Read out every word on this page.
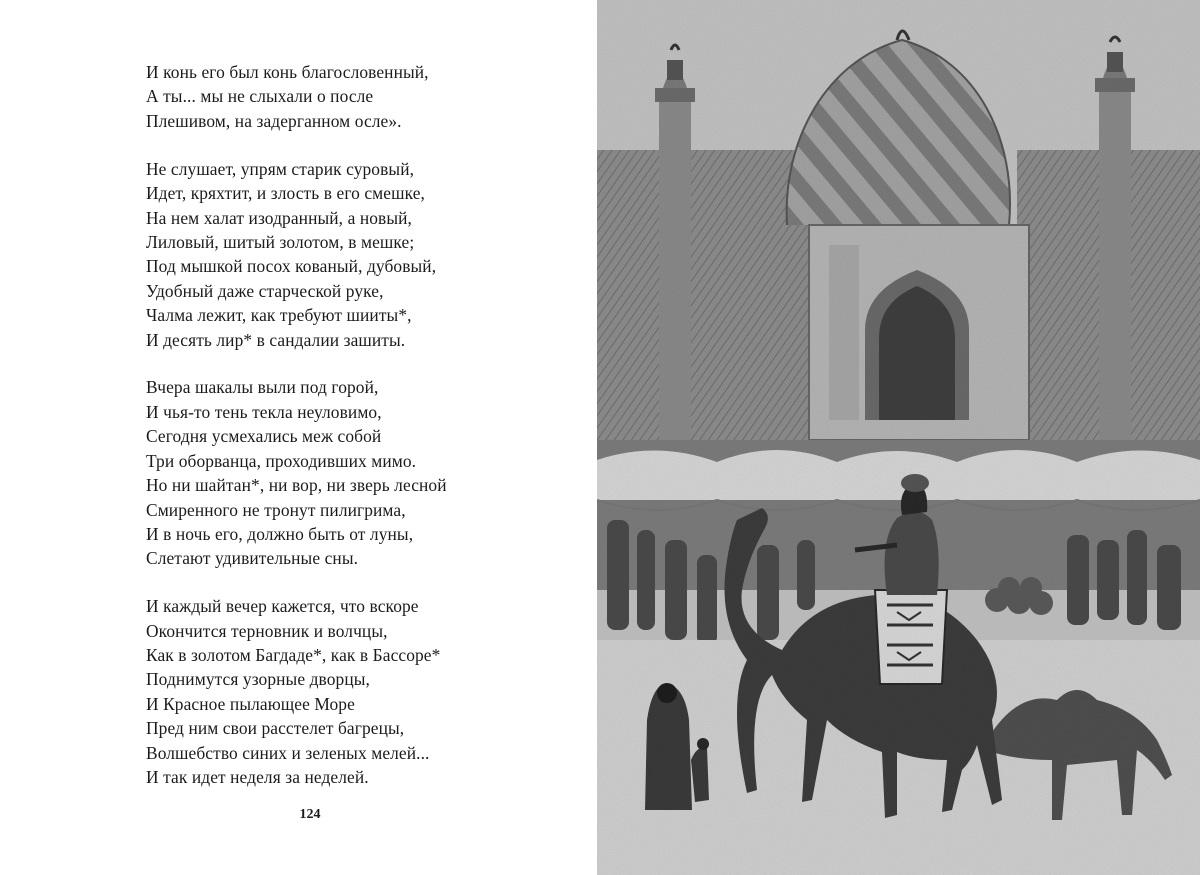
И конь его был конь благословенный,
А ты... мы не слыхали о после
Плешивом, на задерганном осле».
Не слушает, упрям старик суровый,
Идет, кряхтит, и злость в его смешке,
На нем халат изодранный, а новый,
Лиловый, шитый золотом, в мешке;
Под мышкой посох кованый, дубовый,
Удобный даже старческой руке,
Чалма лежит, как требуют шииты*,
И десять лир* в сандалии зашиты.
Вчера шакалы выли под горой,
И чья-то тень текла неуловимо,
Сегодня усмехались меж собой
Три оборванца, проходивших мимо.
Но ни шайтан*, ни вор, ни зверь лесной
Смиренного не тронут пилигрима,
И в ночь его, должно быть от луны,
Слетают удивительные сны.
И каждый вечер кажется, что вскоре
Окончится терновник и волчцы,
Как в золотом Багдаде*, как в Бассоре*
Поднимутся узорные дворцы,
И Красное пылающее Море
Пред ним свои расстелет багрецы,
Волшебство синих и зеленых мелей...
И так идет неделя за неделей.
124
